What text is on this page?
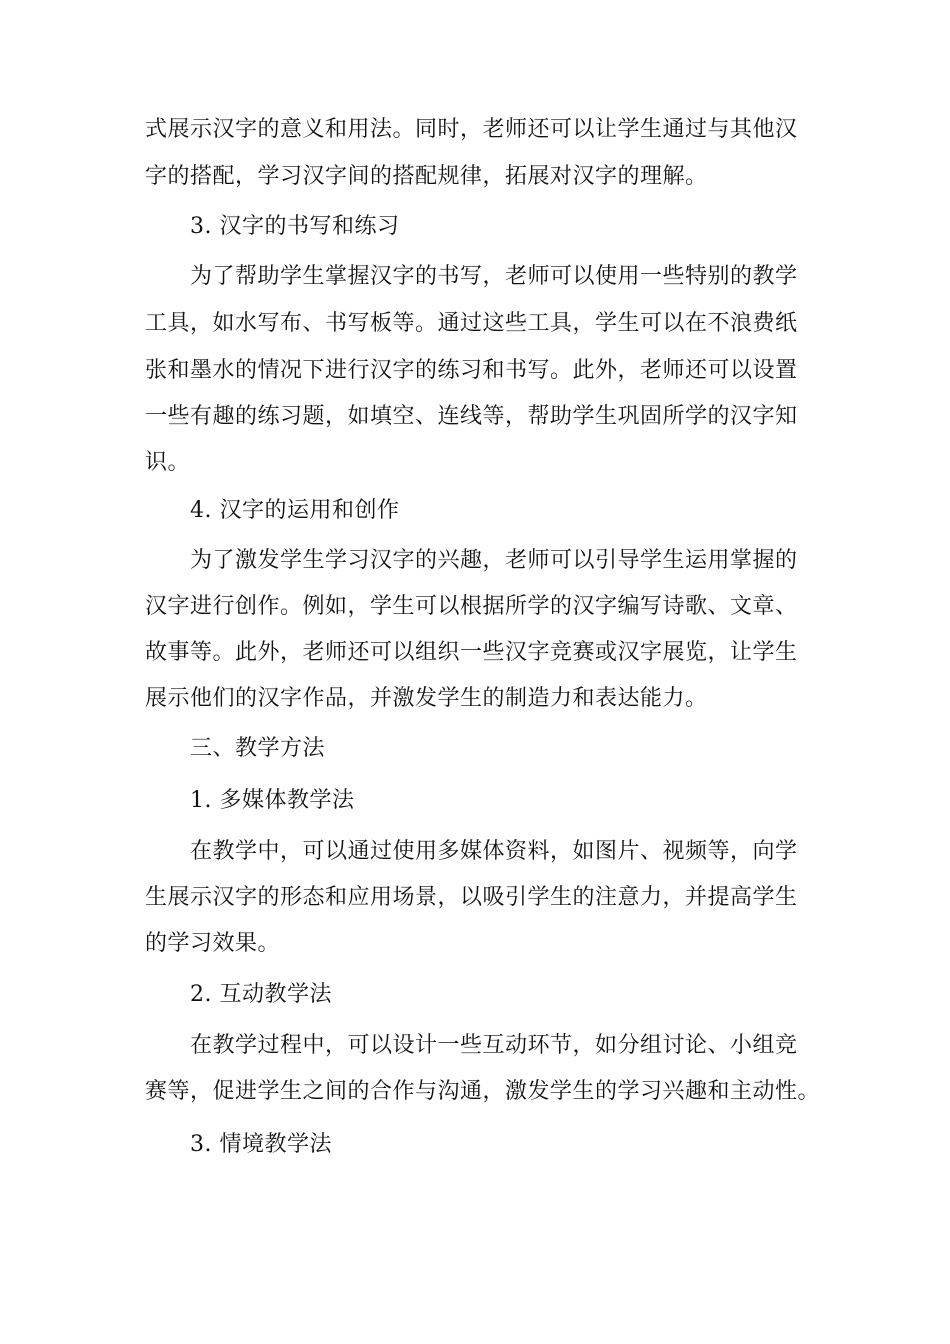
式展示汉字的意义和用法。同时，老师还可以让学生通过与其他汉
字的搭配，学习汉字间的搭配规律，拓展对汉字的理解。
3. 汉字的书写和练习
为了帮助学生掌握汉字的书写，老师可以使用一些特别的教学
工具，如水写布、书写板等。通过这些工具，学生可以在不浪费纸
张和墨水的情况下进行汉字的练习和书写。此外，老师还可以设置
一些有趣的练习题，如填空、连线等，帮助学生巩固所学的汉字知
识。
4. 汉字的运用和创作
为了激发学生学习汉字的兴趣，老师可以引导学生运用掌握的
汉字进行创作。例如，学生可以根据所学的汉字编写诗歌、文章、
故事等。此外，老师还可以组织一些汉字竞赛或汉字展览，让学生
展示他们的汉字作品，并激发学生的制造力和表达能力。
三、教学方法
1. 多媒体教学法
在教学中，可以通过使用多媒体资料，如图片、视频等，向学
生展示汉字的形态和应用场景，以吸引学生的注意力，并提高学生
的学习效果。
2. 互动教学法
在教学过程中，可以设计一些互动环节，如分组讨论、小组竞
赛等，促进学生之间的合作与沟通，激发学生的学习兴趣和主动性。
3. 情境教学法
